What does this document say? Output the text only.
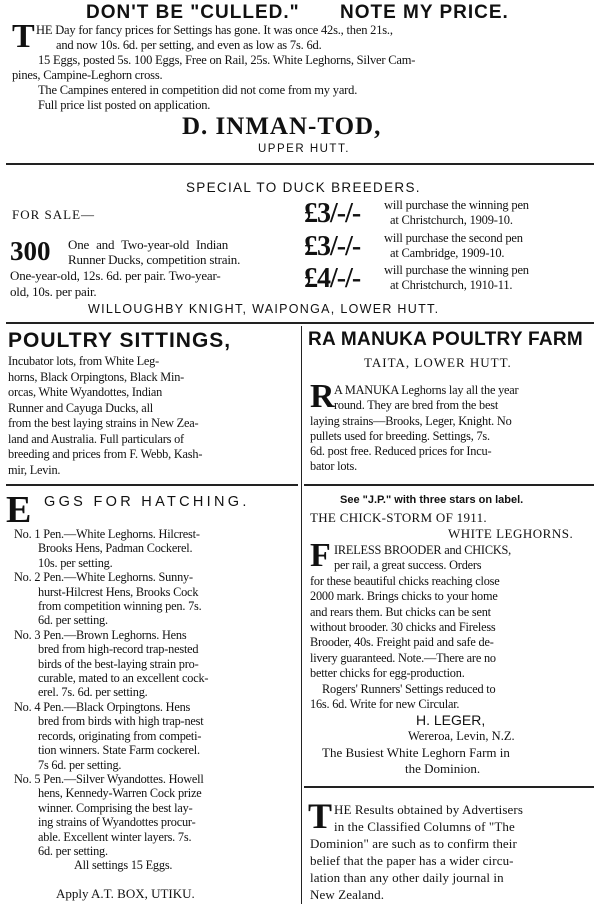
DON'T BE "CULLED." NOTE MY PRICE.
T HE Day for fancy prices for Settings has gone. It was once 42s., then 21s.,
and now 10s. 6d. per setting, and even as low as 7s. 6d.
15 Eggs, posted 5s. 100 Eggs, Free on Rail, 25s. White Leghorns, Silver Cam-
pines, Campine-Leghorn cross.
The Campines entered in competition did not come from my yard.
Full price list posted on application.
D. INMAN-TOD,
UPPER HUTT.
SPECIAL TO DUCK BREEDERS.
FOR SALE—
300 One and Two-year-old Indian
Runner Ducks, competition strain.
One-year-old, 12s. 6d. per pair. Two-year-
old, 10s. per pair.
£3/-/- will purchase the winning pen
at Christchurch, 1909-10.
£3/-/- will purchase the second pen
at Cambridge, 1909-10.
£4/-/- will purchase the winning pen
at Christchurch, 1910-11.
WILLOUGHBY KNIGHT, WAIPONGA, LOWER HUTT.
POULTRY SITTINGS,
Incubator lots, from White Leg-
horns, Black Orpingtons, Black Min-
orcas, White Wyandottes, Indian
Runner and Cayuga Ducks, all
from the best laying strains in New Zea-
land and Australia. Full particulars of
breeding and prices from F. Webb, Kash-
mir, Levin.
E GGS FOR HATCHING.
No. 1 Pen.—White Leghorns. Hilcrest-
Brooks Hens, Padman Cockerel.
10s. per setting.
No. 2 Pen.—White Leghorns. Sunny-
hurst-Hilcrest Hens, Brooks Cock
from competition winning pen. 7s.
6d. per setting.
No. 3 Pen.—Brown Leghorns. Hens
bred from high-record trap-nested
birds of the best-laying strain pro-
curable, mated to an excellent cock-
erel. 7s. 6d. per setting.
No. 4 Pen.—Black Orpingtons. Hens
bred from birds with high trap-nest
records, originating from competi-
tion winners. State Farm cockerel.
7s 6d. per setting.
No. 5 Pen.—Silver Wyandottes. Howell
hens, Kennedy-Warren Cock prize
winner. Comprising the best lay-
ing strains of Wyandottes procur-
able. Excellent winter layers. 7s.
6d. per setting.
All settings 15 Eggs.
Apply A.T. BOX, UTIKU.
RA MANUKA POULTRY FARM
TAITA, LOWER HUTT.
R A MANUKA Leghorns lay all the year
round. They are bred from the best
laying strains—Brooks, Leger, Knight. No
pullets used for breeding. Settings, 7s.
6d. post free. Reduced prices for Incu-
bator lots.
See "J.P." with three stars on label.
THE CHICK-STORM OF 1911.
WHITE LEGHORNS.
F IRELESS BROODER and CHICKS,
per rail, a great success. Orders
for these beautiful chicks reaching close
2000 mark. Brings chicks to your home
and rears them. But chicks can be sent
without brooder. 30 chicks and Fireless
Brooder, 40s. Freight paid and safe de-
livery guaranteed. Note.—There are no
better chicks for egg-production.
Rogers' Runners' Settings reduced to
16s. 6d. Write for new Circular.
H. LEGER,
Wereroa, Levin, N.Z.
The Busiest White Leghorn Farm in
the Dominion.
T HE Results obtained by Advertisers
in the Classified Columns of "The
Dominion" are such as to confirm their
belief that the paper has a wider circu-
lation than any other daily journal in
New Zealand.
